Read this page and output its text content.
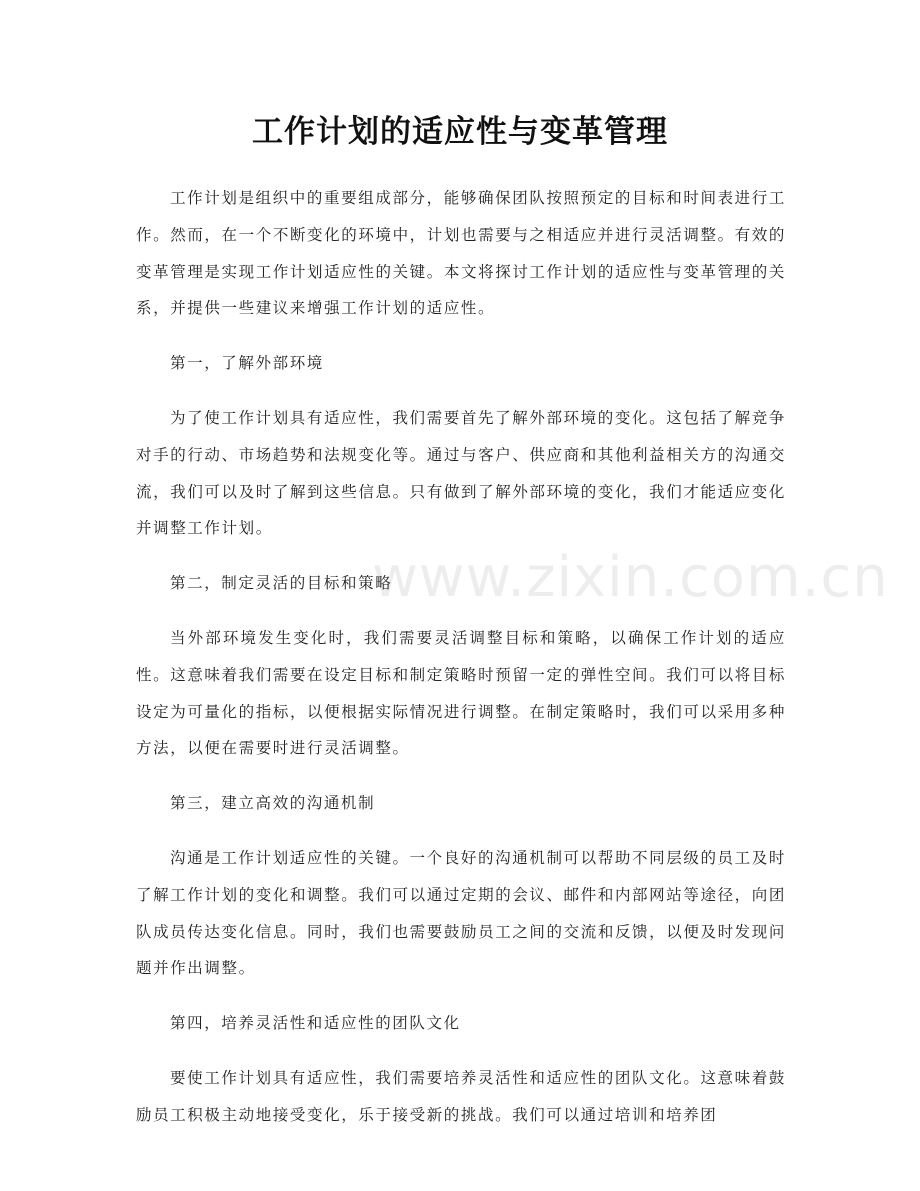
工作计划的适应性与变革管理
www.zixin.com.cn

工作计划是组织中的重要组成部分，能够确保团队按照预定的目标和时间表进行工作。然而，在一个不断变化的环境中，计划也需要与之相适应并进行灵活调整。有效的变革管理是实现工作计划适应性的关键。本文将探讨工作计划的适应性与变革管理的关系，并提供一些建议来增强工作计划的适应性。

第一，了解外部环境

为了使工作计划具有适应性，我们需要首先了解外部环境的变化。这包括了解竞争对手的行动、市场趋势和法规变化等。通过与客户、供应商和其他利益相关方的沟通交流，我们可以及时了解到这些信息。只有做到了解外部环境的变化，我们才能适应变化并调整工作计划。

第二，制定灵活的目标和策略

当外部环境发生变化时，我们需要灵活调整目标和策略，以确保工作计划的适应性。这意味着我们需要在设定目标和制定策略时预留一定的弹性空间。我们可以将目标设定为可量化的指标，以便根据实际情况进行调整。在制定策略时，我们可以采用多种方法，以便在需要时进行灵活调整。

第三，建立高效的沟通机制

沟通是工作计划适应性的关键。一个良好的沟通机制可以帮助不同层级的员工及时了解工作计划的变化和调整。我们可以通过定期的会议、邮件和内部网站等途径，向团队成员传达变化信息。同时，我们也需要鼓励员工之间的交流和反馈，以便及时发现问题并作出调整。

第四，培养灵活性和适应性的团队文化

要使工作计划具有适应性，我们需要培养灵活性和适应性的团队文化。这意味着鼓励员工积极主动地接受变化，乐于接受新的挑战。我们可以通过培训和培养团
